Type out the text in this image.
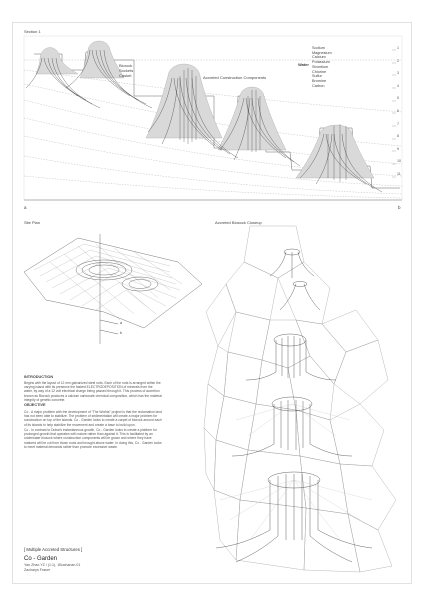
Section 1
Biorock
Sockets
Casket	Accreted Construction Components
Water
Sodium
Magnesium
Calcium
Potassium
Strontium
Chlorine
Sulfur
Bromine
Carbon
1
2
3
4
5
6
7
8
9
10
11
a	b
Site Plan
a
b
Accreted Biosock Closeup
INTRODUCTION
Begins with the layout of 12 mm galvanized steel rods. Each of the rods is arranged within the varying island with its presence the fastest ELECTRODEPOSITION of minerals from the water, by way of a 12 volt electrical charge being passed through it. This process of accretion known as Biorock produces a calcium carbonate chemical composition, which has the material integrity of genetic concrete.
OBJECTIVE
Co - A major problem with the development of "The Worlds" project is that the reclamation land has not been able to stabilize. The problem of sedimentation will create a major problem for construction on top of the islands. Co - Garden looks to create a carpet of biorock around each of its islands to help stabilize the movement and create a base to build upon.
Co - In contrast to Dubai's instantaneous growth, Co - Garden looks to create a platform for prolonged growth that operates with nature rather than against it. This is facilitated by an underwater biosock where construction components will be grown and where they have matured will be cut from those roots and brought above water. In doing this, Co - Garden looks to meet material demands rather than promote excessive waste.
[ Multiple Accreted Structures ]
Co - Garden
Yan Zhao YZ / (1:1), 1Buchanan.01
Zacharys Fraser
